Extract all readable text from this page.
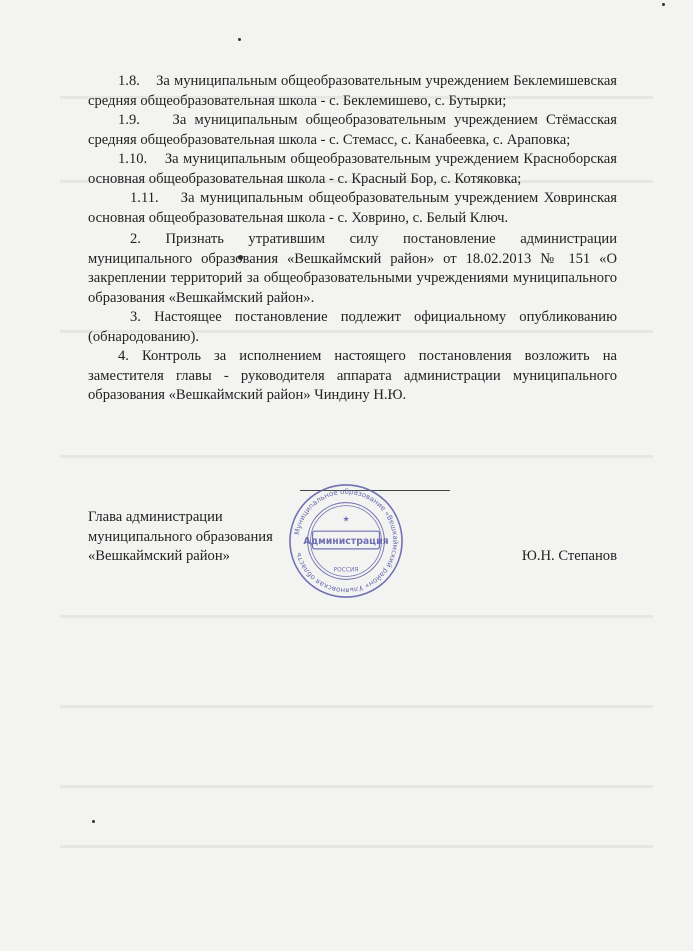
1.8. За муниципальным общеобразовательным учреждением Беклемишевская средняя общеобразовательная школа - с. Беклемишево, с. Бутырки;

1.9. За муниципальным общеобразовательным учреждением Стёмасская средняя общеобразовательная школа - с. Стемасс, с. Канабеевка, с. Араповка;

1.10. За муниципальным общеобразовательным учреждением Красноборская основная общеобразовательная школа - с. Красный Бор, с. Котяковка;

1.11. За муниципальным общеобразовательным учреждением Ховринская основная общеобразовательная школа - с. Ховрино, с. Белый Ключ.

2. Признать утратившим силу постановление администрации муниципального образования «Вешкаймский район» от 18.02.2013 № 151 «О закреплении территорий за общеобразовательными учреждениями муниципального образования «Вешкаймский район».

3. Настоящее постановление подлежит официальному опубликованию (обнародованию).

4. Контроль за исполнением настоящего постановления возложить на заместителя главы - руководителя аппарата администрации муниципального образования «Вешкаймский район» Чиндину Н.Ю.

Глава администрации
муниципального образования
«Вешкаймский район»	Ю.Н. Степанов
Муниципальное образование «Вешкаймский район» Ульяновская область
Администрация
РОССИЯ
★
